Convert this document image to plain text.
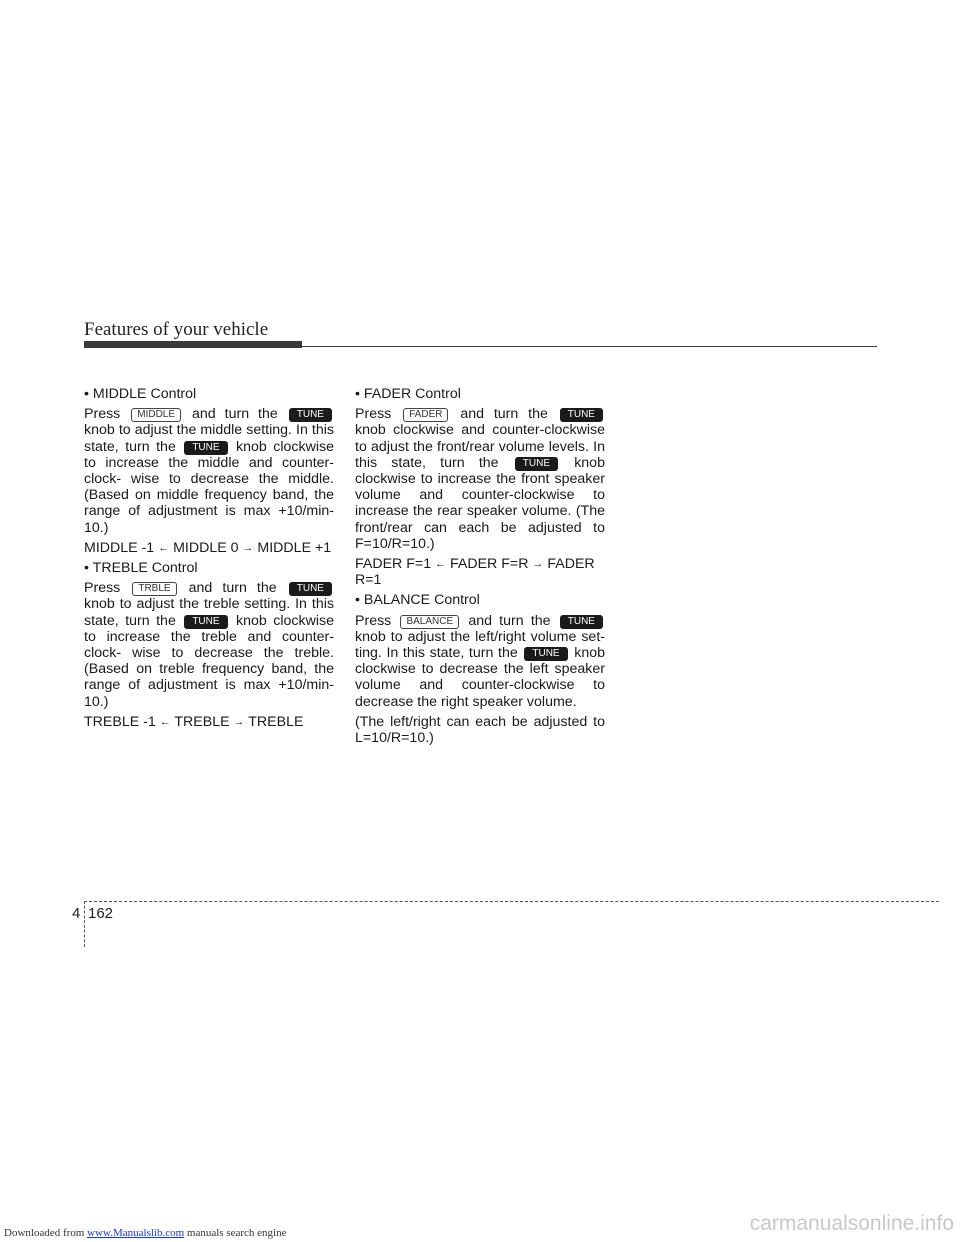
Features of your vehicle

• MIDDLE Control

Press MIDDLE and turn the TUNE knob to adjust the middle setting. In this state, turn the TUNE knob clockwise to increase the middle and counter-clock- wise to decrease the middle. (Based on middle frequency band, the range of adjustment is max +10/min-10.)

MIDDLE -1 ← MIDDLE 0 → MIDDLE +1

• TREBLE Control

Press TRBLE and turn the TUNE knob to adjust the treble setting. In this state, turn the TUNE knob clockwise to increase the treble and counter-clock- wise to decrease the treble. (Based on treble frequency band, the range of adjustment is max +10/min-10.)

TREBLE -1 ← TREBLE → TREBLE

• FADER Control

Press FADER and turn the TUNE knob clockwise and counter-clockwise to adjust the front/rear volume levels. In this state, turn the TUNE knob clockwise to increase the front speaker volume and counter-clockwise to increase the rear speaker volume. (The front/rear can each be adjusted to F=10/R=10.)

FADER F=1 ← FADER F=R → FADER R=1

• BALANCE Control

Press BALANCE and turn the TUNE knob to adjust the left/right volume set- ting. In this state, turn the TUNE knob clockwise to decrease the left speaker volume and counter-clockwise to decrease the right speaker volume.

(The left/right can each be adjusted to L=10/R=10.)

4 162
Downloaded from www.Manualslib.com manuals search engine	carmanualsonline.info
